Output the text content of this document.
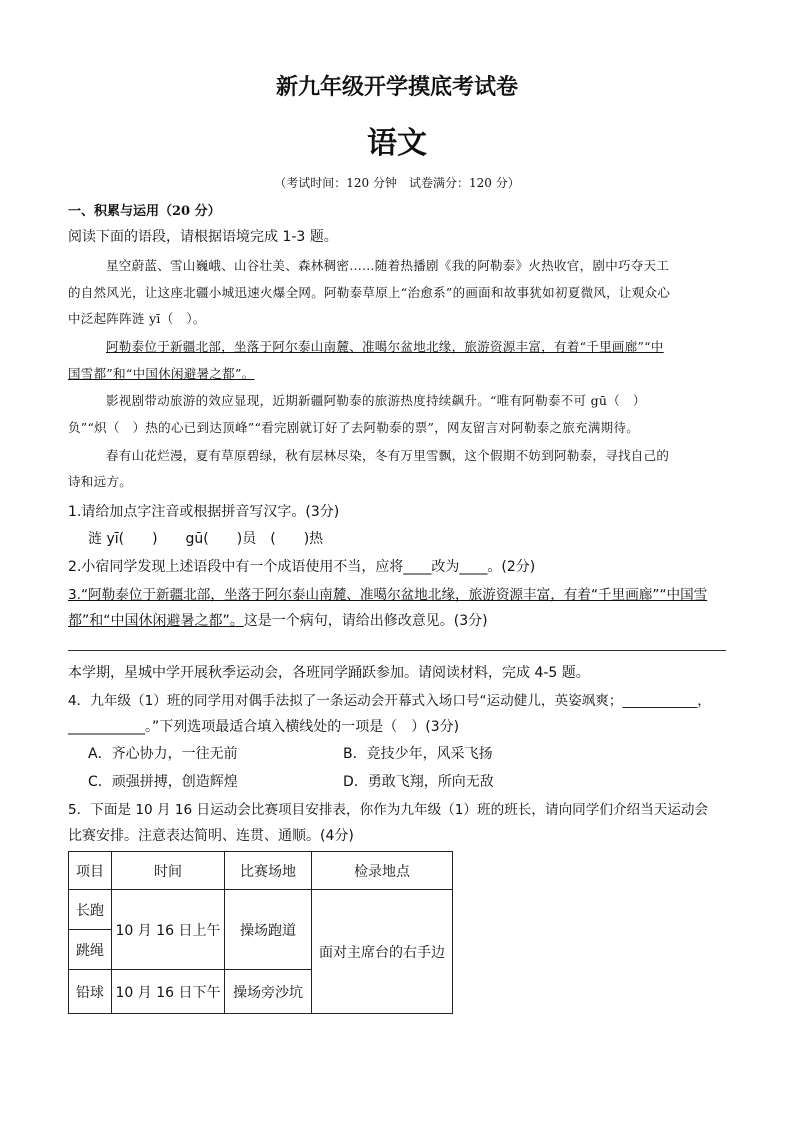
新九年级开学摸底考试卷
语文
（考试时间：120 分钟　试卷满分：120 分）
一、积累与运用（20 分）
阅读下面的语段，请根据语境完成 1-3 题。
星空蔚蓝、雪山巍峨、山谷壮美、森林稠密……随着热播剧《我的阿勒泰》火热收官，剧中巧夺天工
的自然风光，让这座北疆小城迅速火爆全网。阿勒泰草原上“治愈系”的画面和故事犹如初夏微风，让观众心
中泛起阵阵涟 yī（　）。
阿勒泰位于新疆北部，坐落于阿尔泰山南麓、准噶尔盆地北缘，旅游资源丰富，有着“千里画廊”“中
国雪都”和“中国休闲避暑之都”。
影视剧带动旅游的效应显现，近期新疆阿勒泰的旅游热度持续飙升。“唯有阿勒泰不可 gū（　）
负”“炽（　）热的心已到达顶峰”“看完剧就订好了去阿勒泰的票”，网友留言对阿勒泰之旅充满期待。
春有山花烂漫，夏有草原碧绿，秋有层林尽染，冬有万里雪飘，这个假期不妨到阿勒泰，寻找自己的
诗和远方。
1.请给加点字注音或根据拼音写汉字。(3分)
涟 yī(　　)　　gū(　　)员　(　　)热
2.小宿同学发现上述语段中有一个成语使用不当，应将____改为____。(2分)
3.“阿勒泰位于新疆北部，坐落于阿尔泰山南麓、准噶尔盆地北缘，旅游资源丰富，有着“千里画廊”“中国雪
都”和“中国休闲避暑之都”。这是一个病句，请给出修改意见。(3分)
本学期，星城中学开展秋季运动会，各班同学踊跃参加。请阅读材料，完成 4-5 题。
4．九年级（1）班的同学用对偶手法拟了一条运动会开幕式入场口号“运动健儿，英姿飒爽；___________，
___________。”下列选项最适合填入横线处的一项是（　）(3分)
A．齐心协力，一往无前	B．竞技少年，风采飞扬
C．顽强拼搏，创造辉煌	D．勇敢飞翔，所向无敌
5．下面是 10 月 16 日运动会比赛项目安排表，你作为九年级（1）班的班长，请向同学们介绍当天运动会
比赛安排。注意表达简明、连贯、通顺。(4分)
项目	时间	比赛场地	检录地点
长跑	10 月 16 日上午	操场跑道	面对主席台的右手边
跳绳			
铅球	10 月 16 日下午	操场旁沙坑	
